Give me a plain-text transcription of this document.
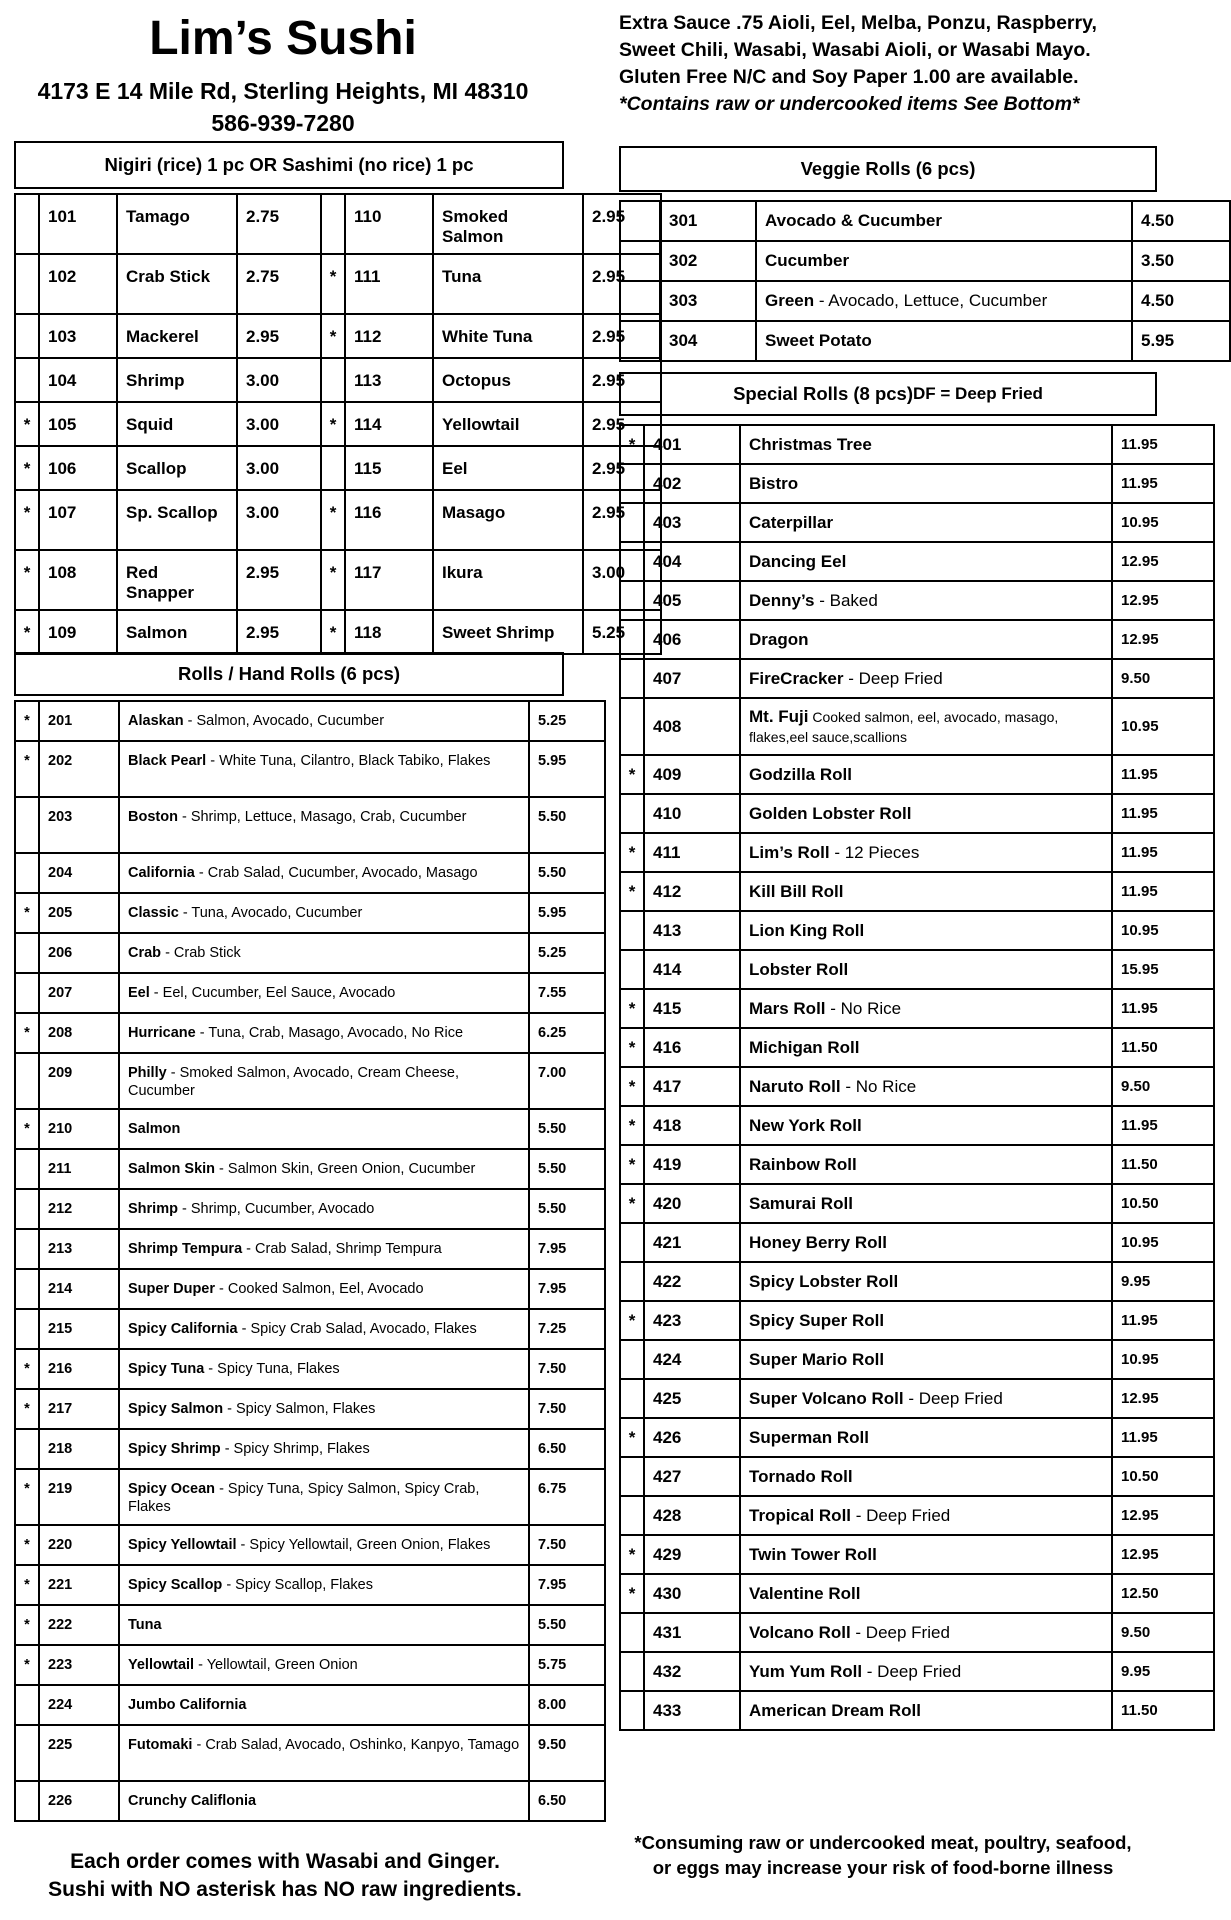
Lim’s Sushi
4173 E 14 Mile Rd, Sterling Heights, MI 48310
586-939-7280
Extra Sauce .75 Aioli, Eel, Melba, Ponzu, Raspberry,
Sweet Chili, Wasabi, Wasabi Aioli, or Wasabi Mayo.
Gluten Free N/C and Soy Paper 1.00 are available.
*Contains raw or undercooked items See Bottom*
Nigiri (rice) 1 pc OR Sashimi (no rice) 1 pc
	101	Tamago	2.75		110	Smoked Salmon	2.95
	102	Crab Stick	2.75	*	111	Tuna	2.95
	103	Mackerel	2.95	*	112	White Tuna	2.95
	104	Shrimp	3.00		113	Octopus	2.95
*	105	Squid	3.00	*	114	Yellowtail	2.95
*	106	Scallop	3.00		115	Eel	2.95
*	107	Sp. Scallop	3.00	*	116	Masago	2.95
*	108	Red Snapper	2.95	*	117	Ikura	3.00
*	109	Salmon	2.95	*	118	Sweet Shrimp	5.25
Rolls / Hand Rolls (6 pcs)
*	201	Alaskan - Salmon, Avocado, Cucumber	5.25
*	202	Black Pearl - White Tuna, Cilantro, Black Tabiko, Flakes	5.95
	203	Boston - Shrimp, Lettuce, Masago, Crab, Cucumber	5.50
	204	California - Crab Salad, Cucumber, Avocado, Masago	5.50
*	205	Classic - Tuna, Avocado, Cucumber	5.95
	206	Crab - Crab Stick	5.25
	207	Eel - Eel, Cucumber, Eel Sauce, Avocado	7.55
*	208	Hurricane - Tuna, Crab, Masago, Avocado, No Rice	6.25
	209	Philly - Smoked Salmon, Avocado, Cream Cheese, Cucumber	7.00
*	210	Salmon	5.50
	211	Salmon Skin - Salmon Skin, Green Onion, Cucumber	5.50
	212	Shrimp - Shrimp, Cucumber, Avocado	5.50
	213	Shrimp Tempura - Crab Salad, Shrimp Tempura	7.95
	214	Super Duper - Cooked Salmon, Eel, Avocado	7.95
	215	Spicy California - Spicy Crab Salad, Avocado, Flakes	7.25
*	216	Spicy Tuna - Spicy Tuna, Flakes	7.50
*	217	Spicy Salmon - Spicy Salmon, Flakes	7.50
	218	Spicy Shrimp - Spicy Shrimp, Flakes	6.50
*	219	Spicy Ocean - Spicy Tuna, Spicy Salmon, Spicy Crab, Flakes	6.75
*	220	Spicy Yellowtail - Spicy Yellowtail, Green Onion, Flakes	7.50
*	221	Spicy Scallop - Spicy Scallop, Flakes	7.95
*	222	Tuna	5.50
*	223	Yellowtail - Yellowtail, Green Onion	5.75
	224	Jumbo California	8.00
	225	Futomaki - Crab Salad, Avocado, Oshinko, Kanpyo, Tamago	9.50
	226	Crunchy Califlonia	6.50
Veggie Rolls (6 pcs)
	301	Avocado & Cucumber	4.50
	302	Cucumber	3.50
	303	Green - Avocado, Lettuce, Cucumber	4.50
	304	Sweet Potato	5.95
Special Rolls (8 pcs) DF = Deep Fried
*	401	Christmas Tree	11.95
	402	Bistro	11.95
	403	Caterpillar	10.95
	404	Dancing Eel	12.95
	405	Denny’s - Baked	12.95
	406	Dragon	12.95
	407	FireCracker - Deep Fried	9.50
	408	Mt. Fuji Cooked salmon, eel, avocado, masago, flakes,eel sauce,scallions	10.95
*	409	Godzilla Roll	11.95
	410	Golden Lobster Roll	11.95
*	411	Lim’s Roll - 12 Pieces	11.95
*	412	Kill Bill Roll	11.95
	413	Lion King Roll	10.95
	414	Lobster Roll	15.95
*	415	Mars Roll - No Rice	11.95
*	416	Michigan Roll	11.50
*	417	Naruto Roll - No Rice	9.50
*	418	New York Roll	11.95
*	419	Rainbow Roll	11.50
*	420	Samurai Roll	10.50
	421	Honey Berry Roll	10.95
	422	Spicy Lobster Roll	9.95
*	423	Spicy Super Roll	11.95
	424	Super Mario Roll	10.95
	425	Super Volcano Roll - Deep Fried	12.95
*	426	Superman Roll	11.95
	427	Tornado Roll	10.50
	428	Tropical Roll - Deep Fried	12.95
*	429	Twin Tower Roll	12.95
*	430	Valentine Roll	12.50
	431	Volcano Roll - Deep Fried	9.50
	432	Yum Yum Roll - Deep Fried	9.95
	433	American Dream Roll	11.50
Each order comes with Wasabi and Ginger.
Sushi with NO asterisk has NO raw ingredients.
*Consuming raw or undercooked meat, poultry, seafood,
or eggs may increase your risk of food-borne illness
